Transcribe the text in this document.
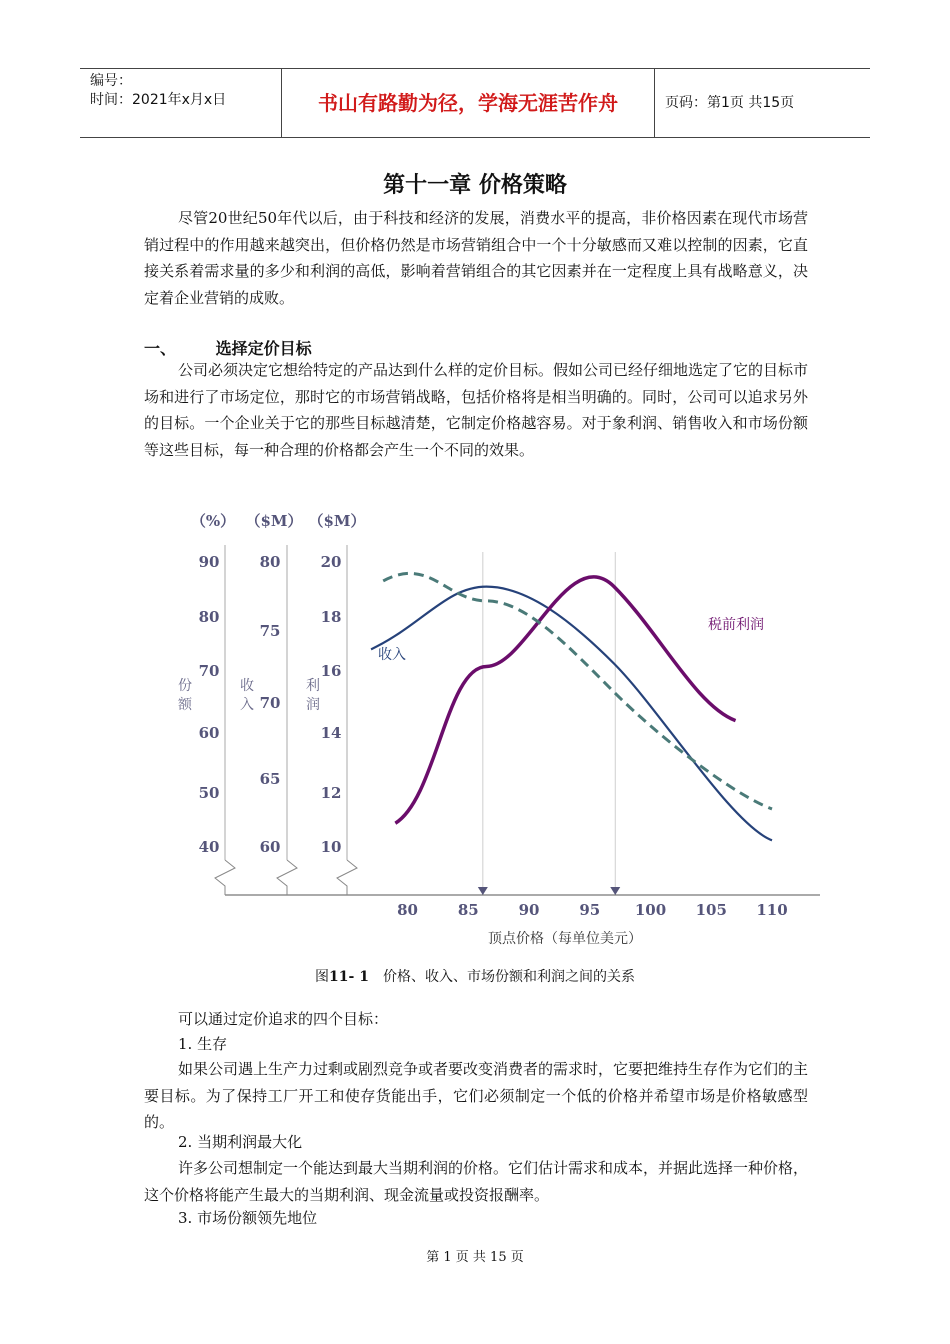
编号：
时间：2021年x月x日	书山有路勤为径，学海无涯苦作舟	页码：第1页 共15页
第十一章 价格策略
尽管20世纪50年代以后，由于科技和经济的发展，消费水平的提高，非价格因素在现代市场营销过程中的作用越来越突出，但价格仍然是市场营销组合中一个十分敏感而又难以控制的因素，它直接关系着需求量的多少和利润的高低，影响着营销组合的其它因素并在一定程度上具有战略意义，决定着企业营销的成败。
一、 选择定价目标
公司必须决定它想给特定的产品达到什么样的定价目标。假如公司已经仔细地选定了它的目标市场和进行了市场定位，那时它的市场营销战略，包括价格将是相当明确的。同时，公司可以追求另外的目标。一个企业关于它的那些目标越清楚，它制定价格越容易。对于象利润、销售收入和市场份额等这些目标，每一种合理的价格都会产生一个不同的效果。
（%）
90
80
70
60
50
40
份
额
（$M）
80
75
70
65
60
收
入
（$M）
20
18
16
14
12
10
利
润
80	85	90	95 100 105 110
顶点价格（每单位美元）
收入
税前利润
图11- 1 价格、收入、市场份额和利润之间的关系
可以通过定价追求的四个目标：
1. 生存
如果公司遇上生产力过剩或剧烈竞争或者要改变消费者的需求时，它要把维持生存作为它们的主要目标。为了保持工厂开工和使存货能出手，它们必须制定一个低的价格并希望市场是价格敏感型的。
2. 当期利润最大化
许多公司想制定一个能达到最大当期利润的价格。它们估计需求和成本，并据此选择一种价格，这个价格将能产生最大的当期利润、现金流量或投资报酬率。
3. 市场份额领先地位
第 1 页 共 15 页
